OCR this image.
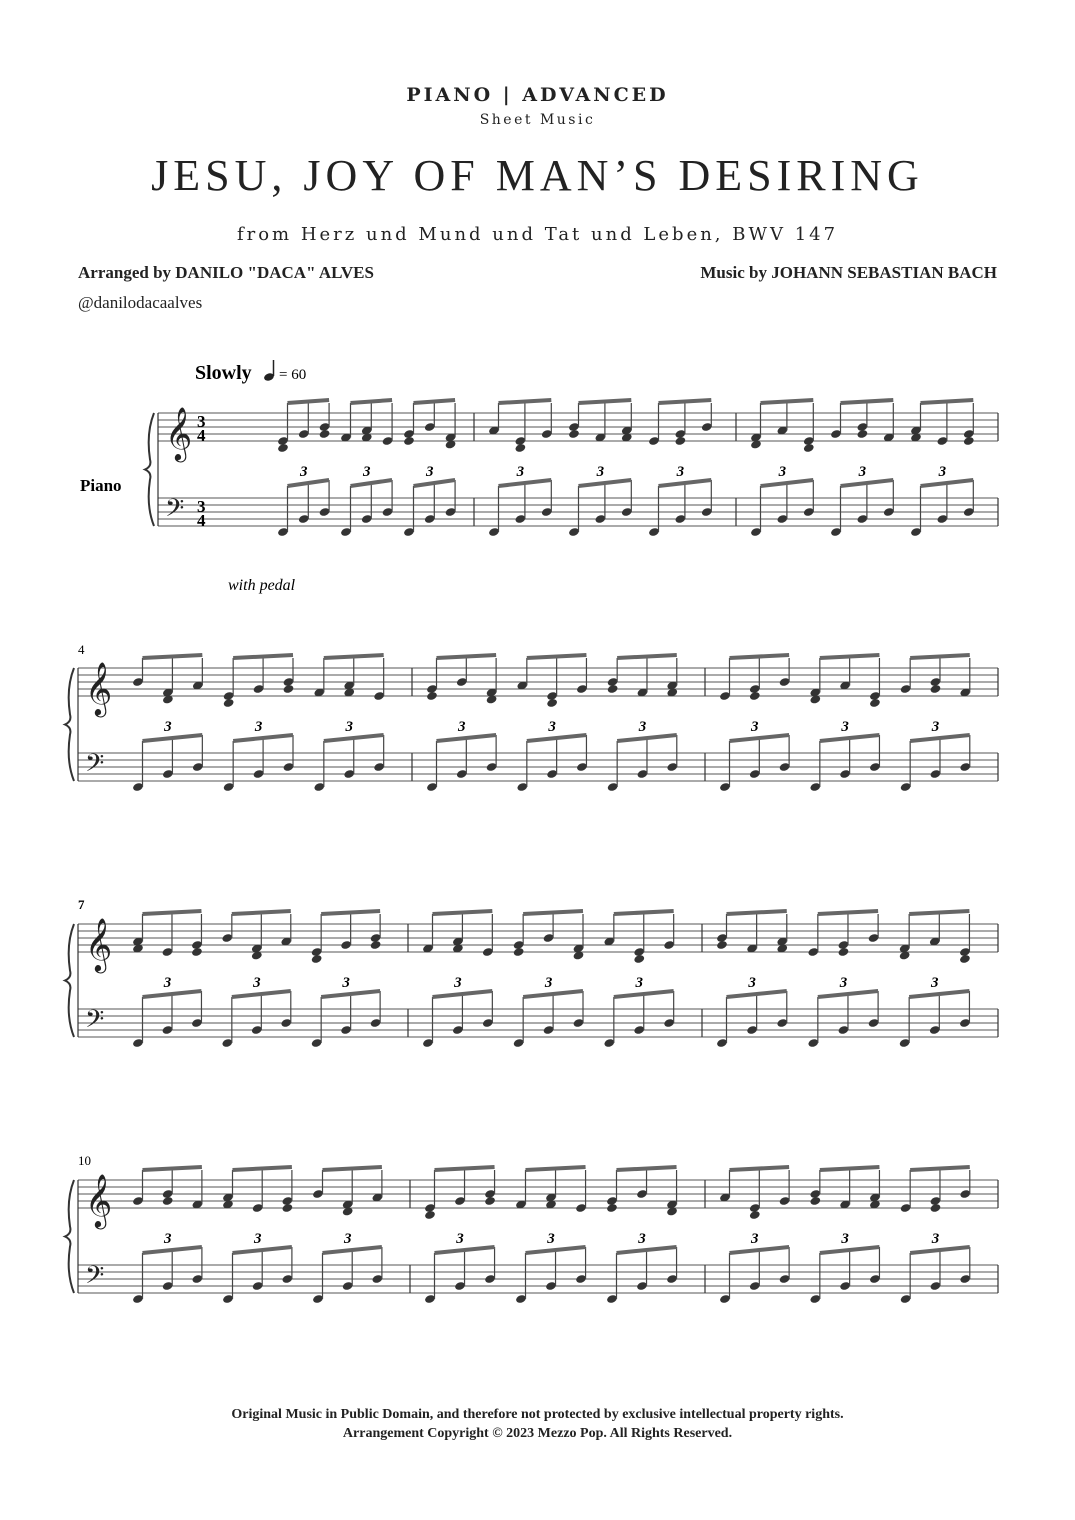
PIANO | ADVANCED
Sheet Music
JESU, JOY OF MAN’S DESIRING
from Herz und Mund und Tat und Leben, BWV 147
Arranged by DANILO "DACA" ALVES
@danilodacaalves
Music by JOHANN SEBASTIAN BACH
Slowly = 60
Piano
with pedal
4
7
10
𝄞
𝄢
3
4
3
4
3	3	3	3	3	3	3	3	3
𝄞
𝄢
3	3	3	3	3	3	3	3	3
𝄞
𝄢
3	3	3	3	3	3	3	3	3
𝄞
𝄢
3	3	3	3	3	3	3	3	3
Original Music in Public Domain, and therefore not protected by exclusive intellectual property rights.
Arrangement Copyright © 2023 Mezzo Pop. All Rights Reserved.
